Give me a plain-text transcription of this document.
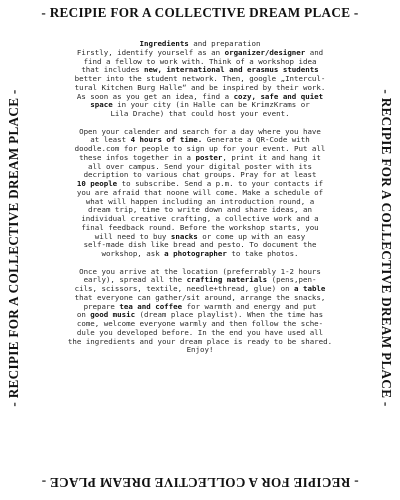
- RECIPIE FOR A COLLECTIVE DREAM PLACE -
- RECIPIE FOR A COLLECTIVE DREAM PLACE -	- RECIPIE FOR A COLLECTIVE DREAM PLACE -
- RECIPIE FOR A COLLECTIVE DREAM PLACE -

Ingredients and preparation
Firstly, identify yourself as an organizer/designer and
find a fellow to work with. Think of a workshop idea
that includes new, international and erasmus students
better into the student network. Then, google „Intercul-
tural Kitchen Burg Halle“ and be inspired by their work.
As soon as you get an idea, find a cozy, safe and quiet
space in your city (in Halle can be KrimzKrams or
Lila Drache) that could host your event.

Open your calender and search for a day where you have
at least 4 hours of time. Generate a QR-Code with
doodle.com for people to sign up for your event. Put all
these infos together in a poster, print it and hang it
all over campus. Send your digital poster with its
decription to various chat groups. Pray for at least
10 people to subscribe. Send a p.m. to your contacts if
you are afraid that noone will come. Make a schedule of
what will happen including an introduction round, a
dream trip, time to write down and share ideas, an
individual creative crafting, a collective work and a
final feedback round. Before the workshop starts, you
will need to buy snacks or come up with an easy
self-made dish like bread and pesto. To document the
workshop, ask a photographer to take photos.

Once you arrive at the location (preferrably 1-2 hours
early), spread all the crafting materials (pens,pen-
cils, scissors, textile, needle+thread, glue) on a table
that everyone can gather/sit around, arrange the snacks,
prepare tea and coffee for warmth and energy and put
on good music (dream place playlist). When the time has
come, welcome everyone warmly and then follow the sche-
dule you developed before. In the end you have used all
the ingredients and your dream place is ready to be shared.
Enjoy!
